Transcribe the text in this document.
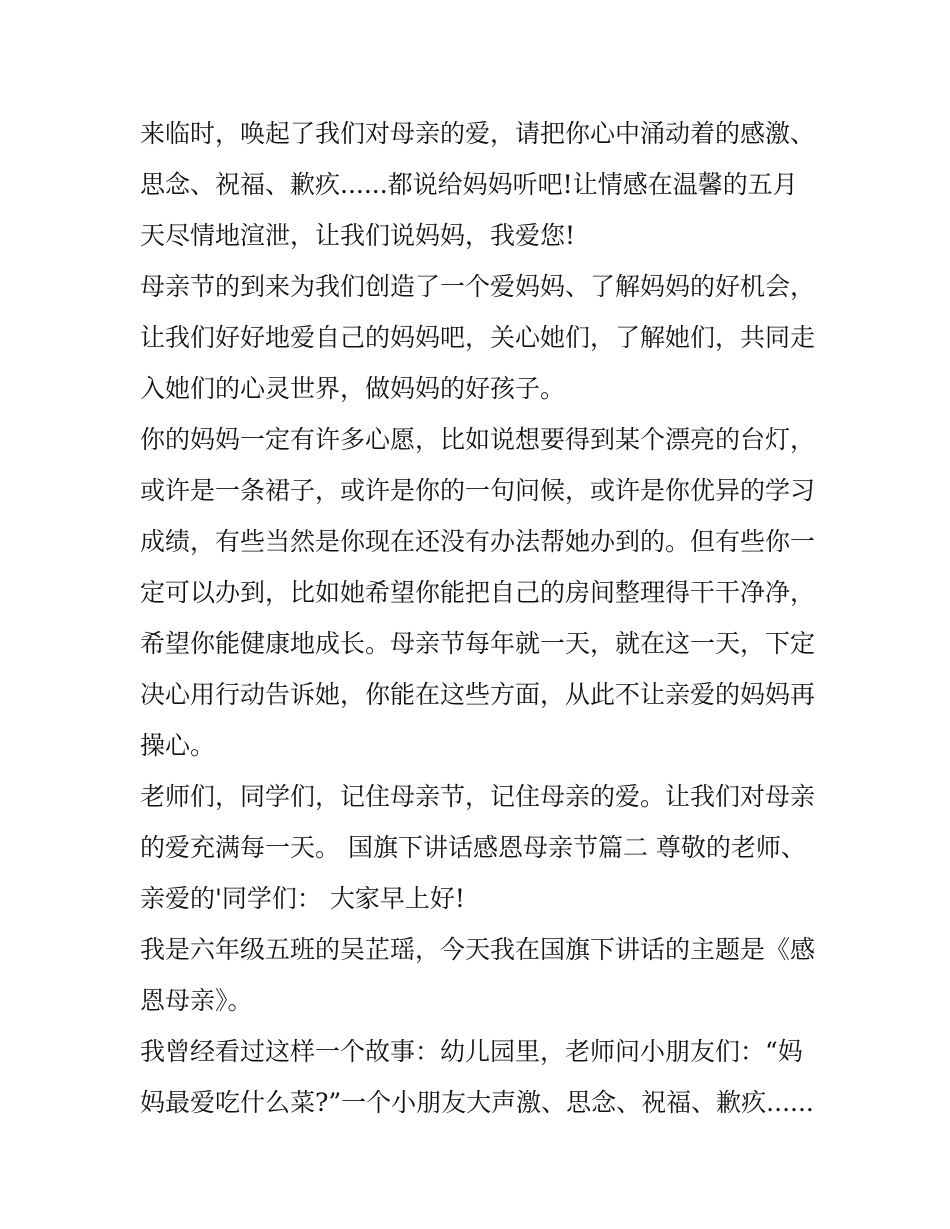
来临时，唤起了我们对母亲的爱，请把你心中涌动着的感激、
思念、祝福、歉疚......都说给妈妈听吧!让情感在温馨的五月
天尽情地渲泄，让我们说妈妈，我爱您!
母亲节的到来为我们创造了一个爱妈妈、了解妈妈的好机会，
让我们好好地爱自己的妈妈吧，关心她们，了解她们，共同走
入她们的心灵世界，做妈妈的好孩子。
你的妈妈一定有许多心愿，比如说想要得到某个漂亮的台灯，
或许是一条裙子，或许是你的一句问候，或许是你优异的学习
成绩，有些当然是你现在还没有办法帮她办到的。但有些你一
定可以办到，比如她希望你能把自己的房间整理得干干净净，
希望你能健康地成长。母亲节每年就一天，就在这一天，下定
决心用行动告诉她，你能在这些方面，从此不让亲爱的妈妈再
操心。
老师们，同学们，记住母亲节，记住母亲的爱。让我们对母亲
的爱充满每一天。 国旗下讲话感恩母亲节篇二 尊敬的老师、
亲爱的'同学们： 大家早上好!
我是六年级五班的吴芷瑶，今天我在国旗下讲话的主题是《感
恩母亲》。
我曾经看过这样一个故事：幼儿园里，老师问小朋友们：“妈
妈最爱吃什么菜?”一个小朋友大声激、思念、祝福、歉疚......
